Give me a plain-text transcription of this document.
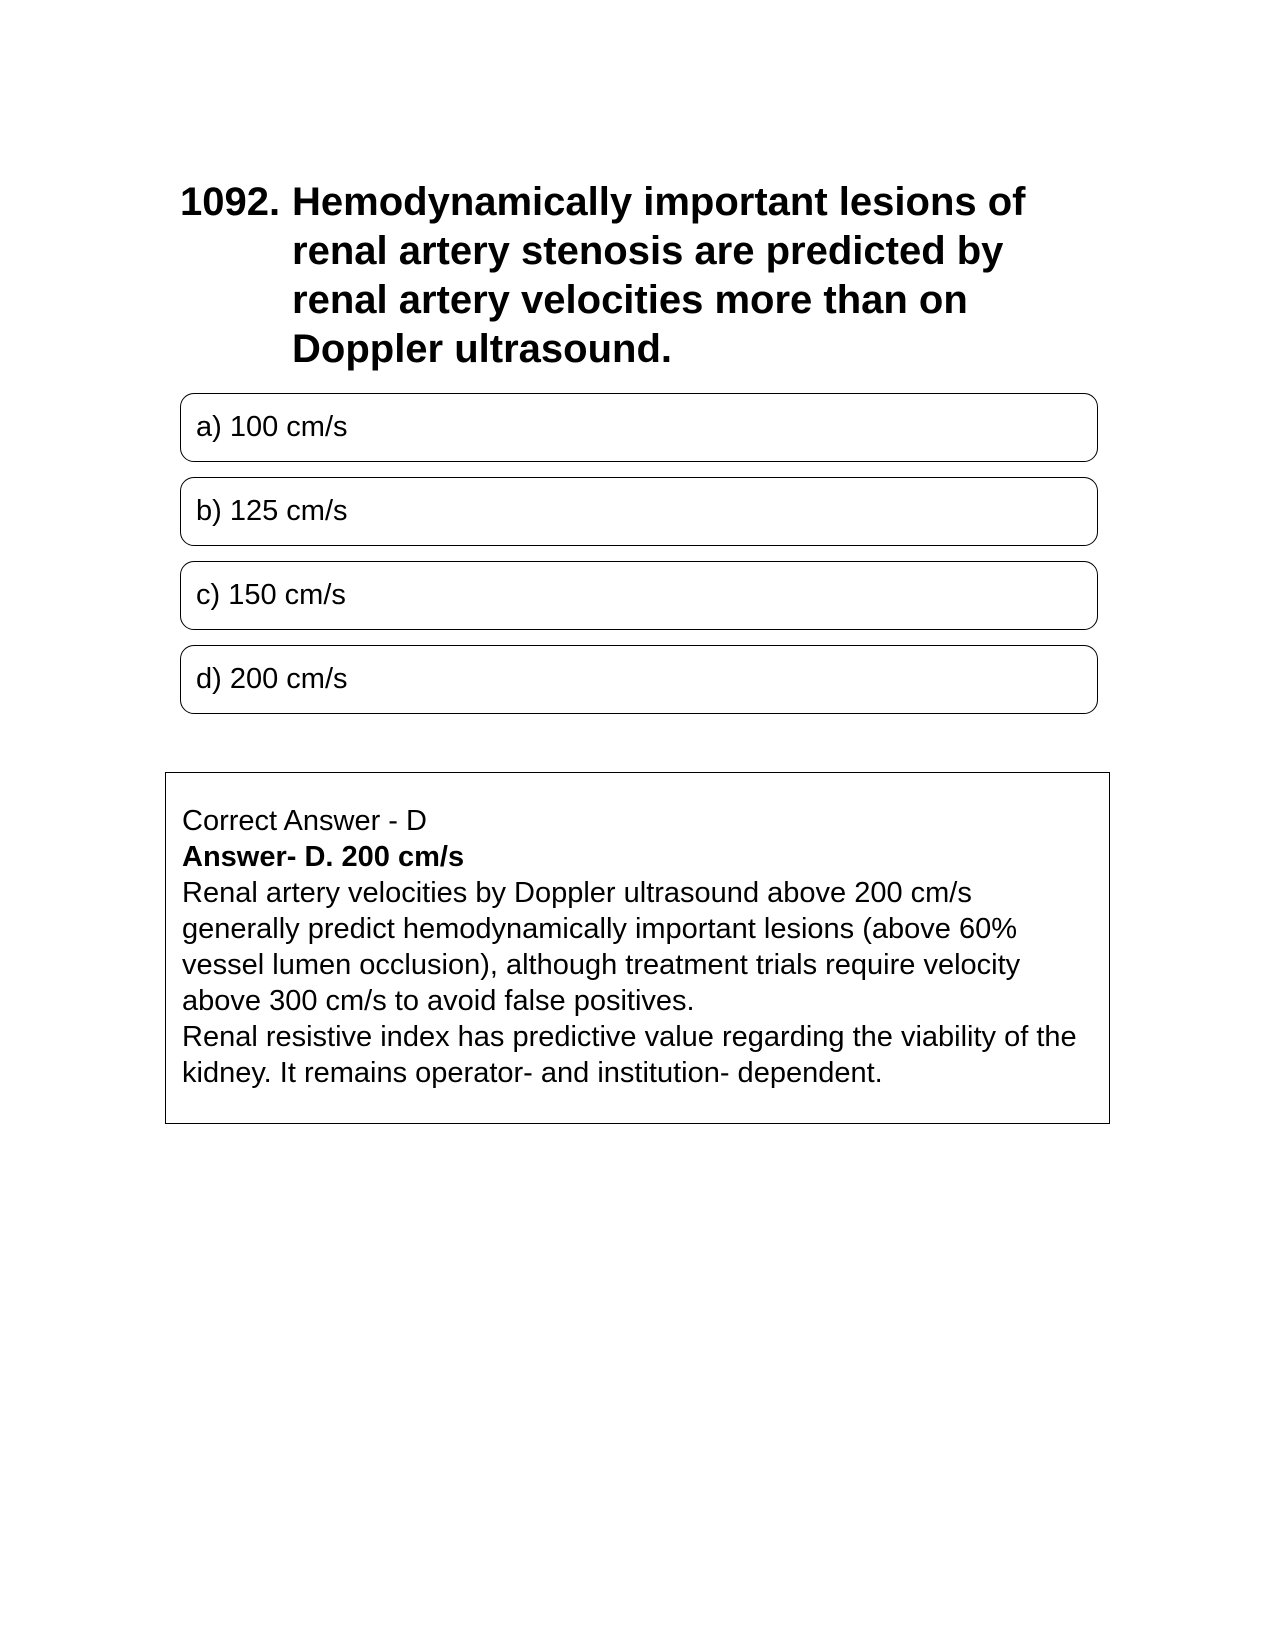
1092. Hemodynamically important lesions of renal artery stenosis are predicted by renal artery velocities more than on Doppler ultrasound.
a) 100 cm/s
b) 125 cm/s
c) 150 cm/s
d) 200 cm/s
Correct Answer - D
Answer- D. 200 cm/s
Renal artery velocities by Doppler ultrasound above 200 cm/s generally predict hemodynamically important lesions (above 60% vessel lumen occlusion), although treatment trials require velocity above 300 cm/s to avoid false positives.
Renal resistive index has predictive value regarding the viability of the kidney. It remains operator- and institution- dependent.
